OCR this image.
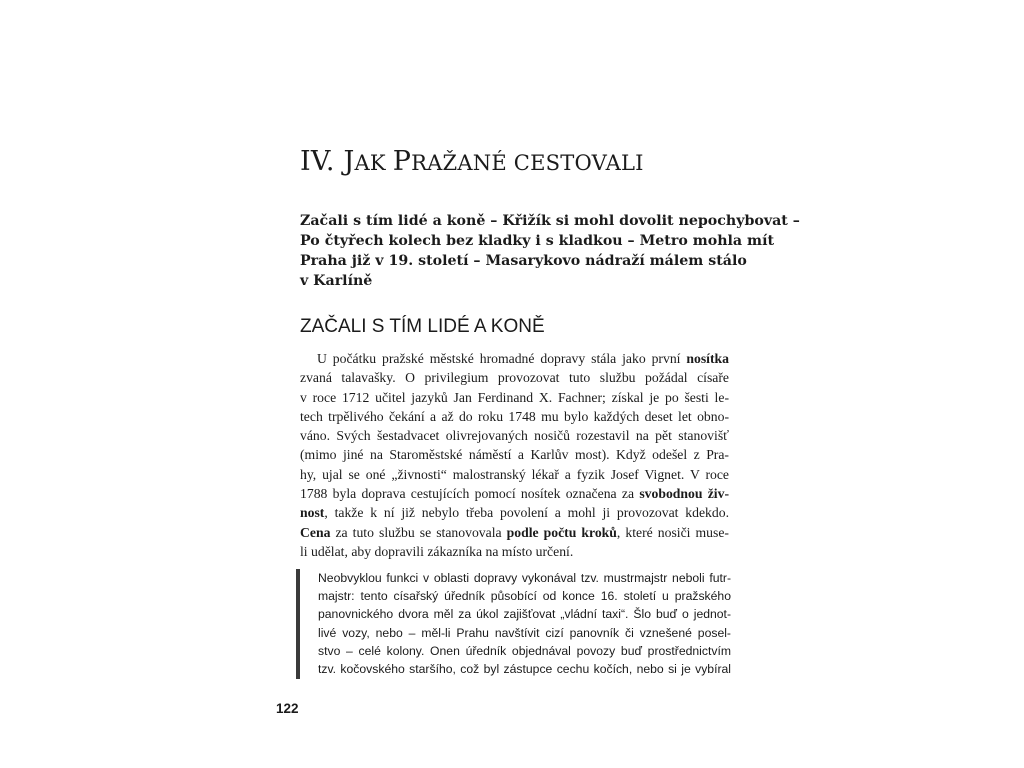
IV. JAK PRAŽANÉ CESTOVALI
Začali s tím lidé a koně – Křižík si mohl dovolit nepochybovat –
Po čtyřech kolech bez kladky i s kladkou – Metro mohla mít
Praha již v 19. století – Masarykovo nádraží málem stálo
v Karlíně
ZAČALI S TÍM LIDÉ A KONĚ
U počátku pražské městské hromadné dopravy stála jako první nosítka
zvaná talavašky. O privilegium provozovat tuto službu požádal císaře
v roce 1712 učitel jazyků Jan Ferdinand X. Fachner; získal je po šesti le-
tech trpělivého čekání a až do roku 1748 mu bylo každých deset let obno-
váno. Svých šestadvacet olivrejovaných nosičů rozestavil na pět stanovišť
(mimo jiné na Staroměstské náměstí a Karlův most). Když odešel z Pra-
hy, ujal se oné „živnosti“ malostranský lékař a fyzik Josef Vignet. V roce
1788 byla doprava cestujících pomocí nosítek označena za svobodnou živ-
nost, takže k ní již nebylo třeba povolení a mohl ji provozovat kdekdo.
Cena za tuto službu se stanovovala podle počtu kroků, které nosiči muse-
li udělat, aby dopravili zákazníka na místo určení.
Neobvyklou funkci v oblasti dopravy vykonával tzv. mustrmajstr neboli futr-
majstr: tento císařský úředník působící od konce 16. století u pražského
panovnického dvora měl za úkol zajišťovat „vládní taxi“. Šlo buď o jednot-
livé vozy, nebo – měl-li Prahu navštívit cizí panovník či vznešené posel-
stvo – celé kolony. Onen úředník objednával povozy buď prostřednictvím
tzv. kočovského staršího, což byl zástupce cechu kočích, nebo si je vybíral
122
